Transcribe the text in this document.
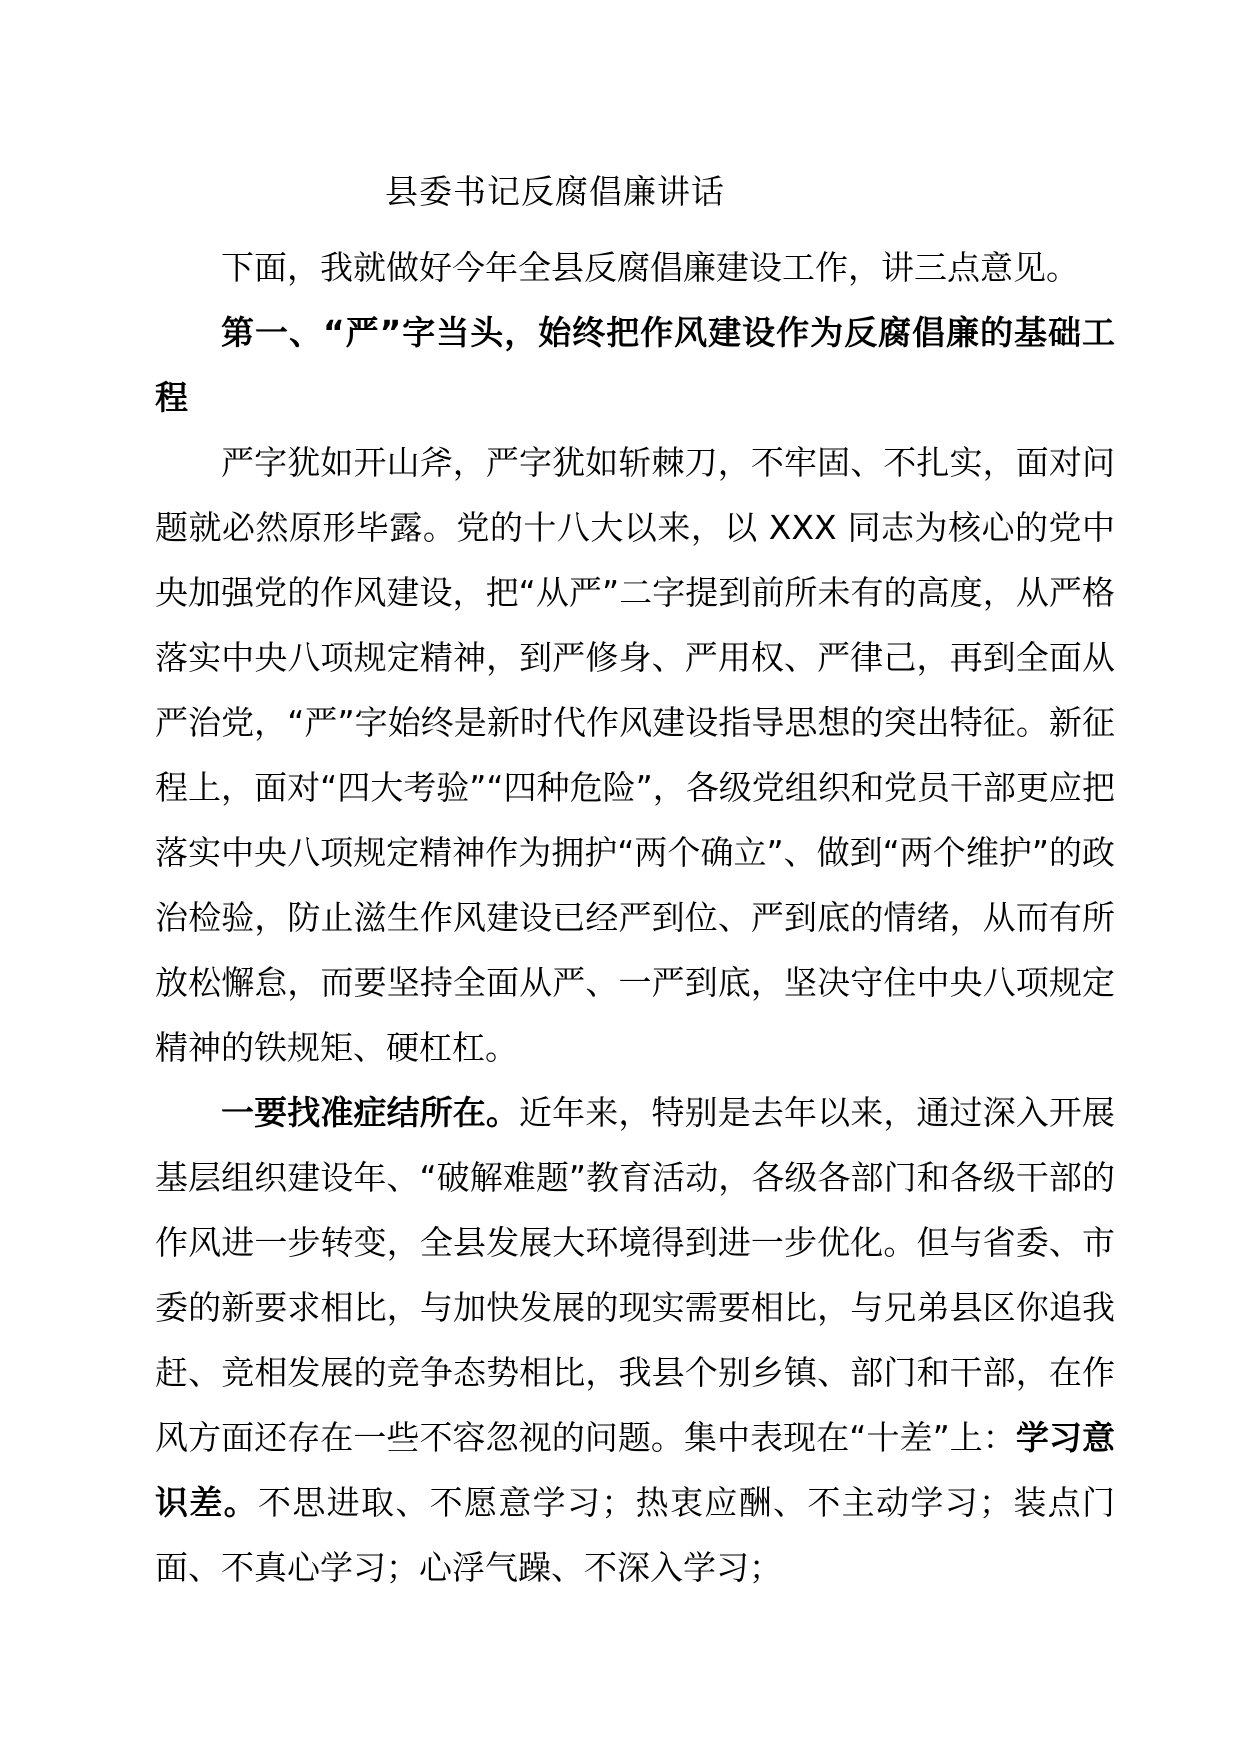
县委书记反腐倡廉讲话

下面，我就做好今年全县反腐倡廉建设工作，讲三点意见。

第一、“严”字当头，始终把作风建设作为反腐倡廉的基础工程

严字犹如开山斧，严字犹如斩棘刀，不牢固、不扎实，面对问题就必然原形毕露。党的十八大以来，以 XXX 同志为核心的党中央加强党的作风建设，把“从严”二字提到前所未有的高度，从严格落实中央八项规定精神，到严修身、严用权、严律己，再到全面从严治党，“严”字始终是新时代作风建设指导思想的突出特征。新征程上，面对“四大考验”“四种危险”，各级党组织和党员干部更应把落实中央八项规定精神作为拥护“两个确立”、做到“两个维护”的政治检验，防止滋生作风建设已经严到位、严到底的情绪，从而有所放松懈怠，而要坚持全面从严、一严到底，坚决守住中央八项规定精神的铁规矩、硬杠杠。

一要找准症结所在。近年来，特别是去年以来，通过深入开展基层组织建设年、“破解难题”教育活动，各级各部门和各级干部的作风进一步转变，全县发展大环境得到进一步优化。但与省委、市委的新要求相比，与加快发展的现实需要相比，与兄弟县区你追我赶、竞相发展的竞争态势相比，我县个别乡镇、部门和干部，在作风方面还存在一些不容忽视的问题。集中表现在“十差”上：学习意识差。不思进取、不愿意学习；热衷应酬、不主动学习；装点门面、不真心学习；心浮气躁、不深入学习；
